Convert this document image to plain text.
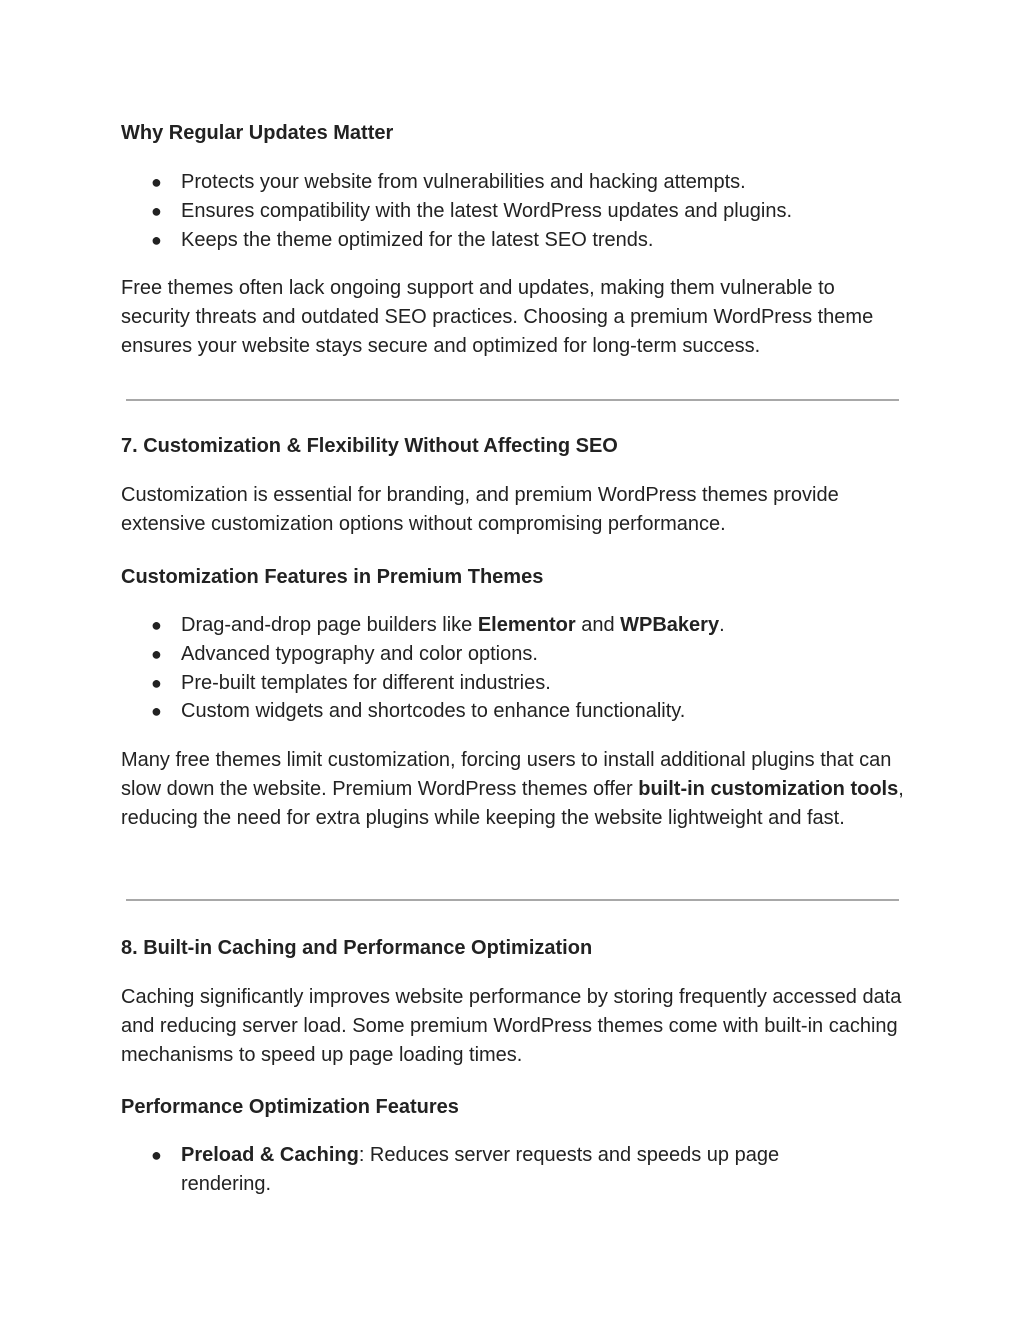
Why Regular Updates Matter
● Protects your website from vulnerabilities and hacking attempts.
● Ensures compatibility with the latest WordPress updates and plugins.
● Keeps the theme optimized for the latest SEO trends.

Free themes often lack ongoing support and updates, making them vulnerable to security threats and outdated SEO practices. Choosing a premium WordPress theme ensures your website stays secure and optimized for long-term success.

7. Customization & Flexibility Without Affecting SEO

Customization is essential for branding, and premium WordPress themes provide extensive customization options without compromising performance.

Customization Features in Premium Themes
● Drag-and-drop page builders like Elementor and WPBakery.
● Advanced typography and color options.
● Pre-built templates for different industries.
● Custom widgets and shortcodes to enhance functionality.

Many free themes limit customization, forcing users to install additional plugins that can slow down the website. Premium WordPress themes offer built-in customization tools, reducing the need for extra plugins while keeping the website lightweight and fast.

8. Built-in Caching and Performance Optimization

Caching significantly improves website performance by storing frequently accessed data and reducing server load. Some premium WordPress themes come with built-in caching mechanisms to speed up page loading times.

Performance Optimization Features
● Preload & Caching: Reduces server requests and speeds up page rendering.
